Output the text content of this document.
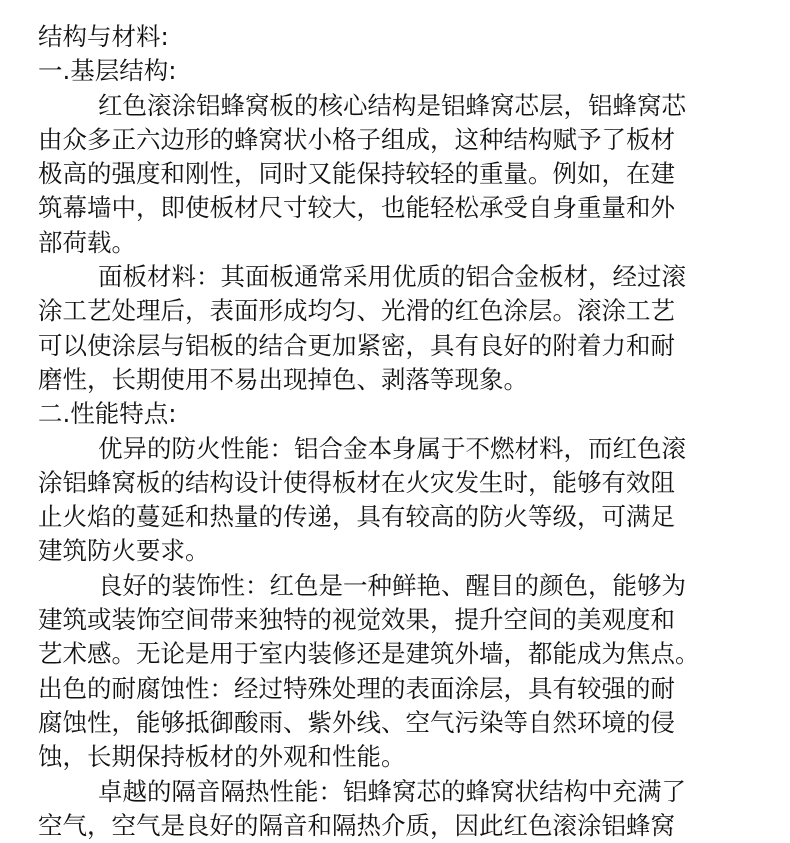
结构与材料:

一.基层结构:

红色滚涂铝蜂窝板的核心结构是铝蜂窝芯层，铝蜂窝芯

由众多正六边形的蜂窝状小格子组成，这种结构赋予了板材

极高的强度和刚性，同时又能保持较轻的重量。例如，在建

筑幕墙中，即使板材尺寸较大，也能轻松承受自身重量和外

部荷载。

面板材料：其面板通常采用优质的铝合金板材，经过滚

涂工艺处理后，表面形成均匀、光滑的红色涂层。滚涂工艺

可以使涂层与铝板的结合更加紧密，具有良好的附着力和耐

磨性，长期使用不易出现掉色、剥落等现象。

二.性能特点:

优异的防火性能：铝合金本身属于不燃材料，而红色滚

涂铝蜂窝板的结构设计使得板材在火灾发生时，能够有效阻

止火焰的蔓延和热量的传递，具有较高的防火等级，可满足

建筑防火要求。

良好的装饰性：红色是一种鲜艳、醒目的颜色，能够为

建筑或装饰空间带来独特的视觉效果，提升空间的美观度和

艺术感。无论是用于室内装修还是建筑外墙，都能成为焦点。

出色的耐腐蚀性：经过特殊处理的表面涂层，具有较强的耐

腐蚀性，能够抵御酸雨、紫外线、空气污染等自然环境的侵

蚀，长期保持板材的外观和性能。

卓越的隔音隔热性能：铝蜂窝芯的蜂窝状结构中充满了

空气，空气是良好的隔音和隔热介质，因此红色滚涂铝蜂窝
